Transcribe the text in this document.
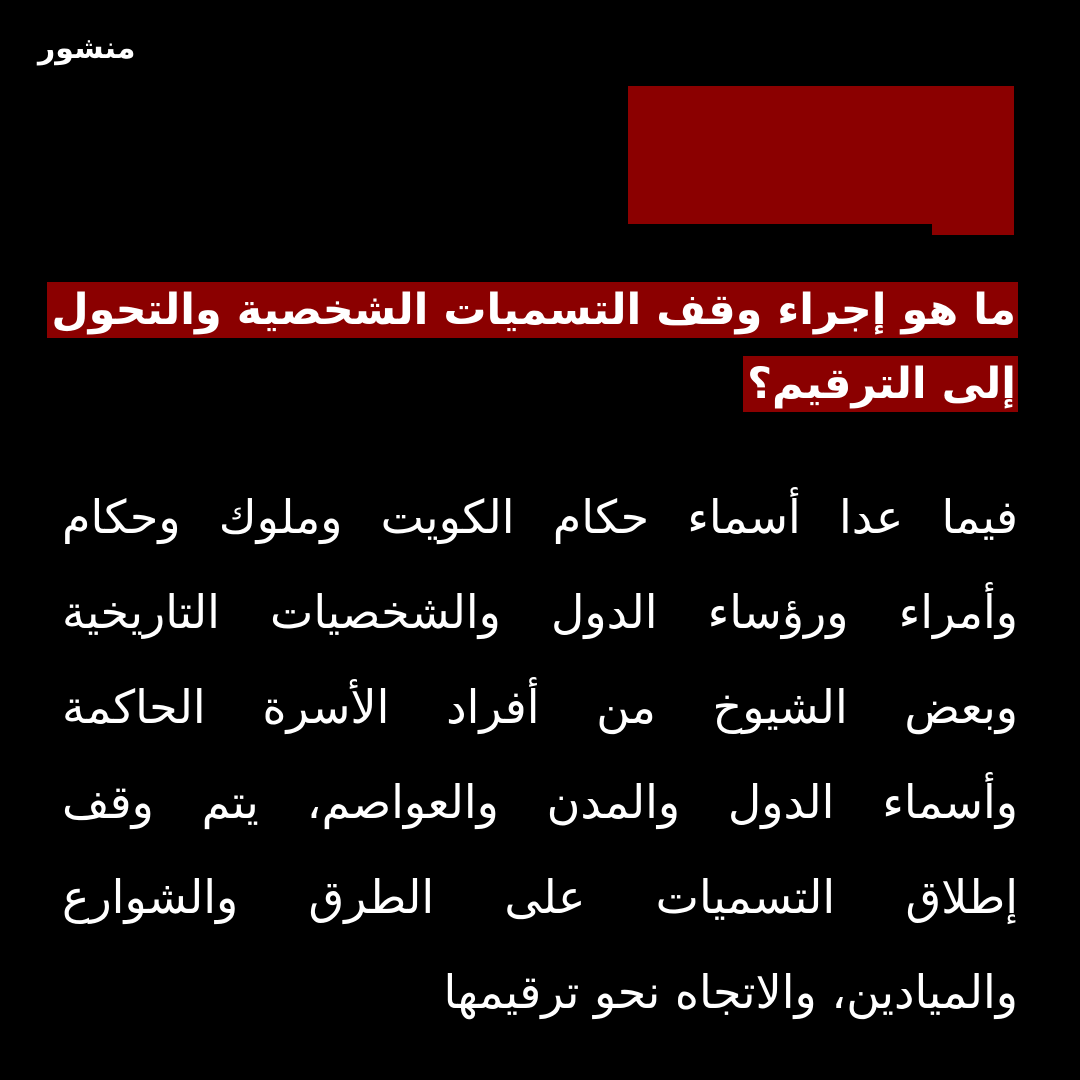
منشور
ما هو إجراء وقف التسميات الشخصية والتحول
إلى الترقيم؟
فيما عدا أسماء حكام الكويت وملوك وحكام
وأمراء ورؤساء الدول والشخصيات التاريخية
وبعض الشيوخ من أفراد الأسرة الحاكمة
وأسماء الدول والمدن والعواصم، يتم وقف
إطلاق التسميات على الطرق والشوارع
والميادين، والاتجاه نحو ترقيمها
